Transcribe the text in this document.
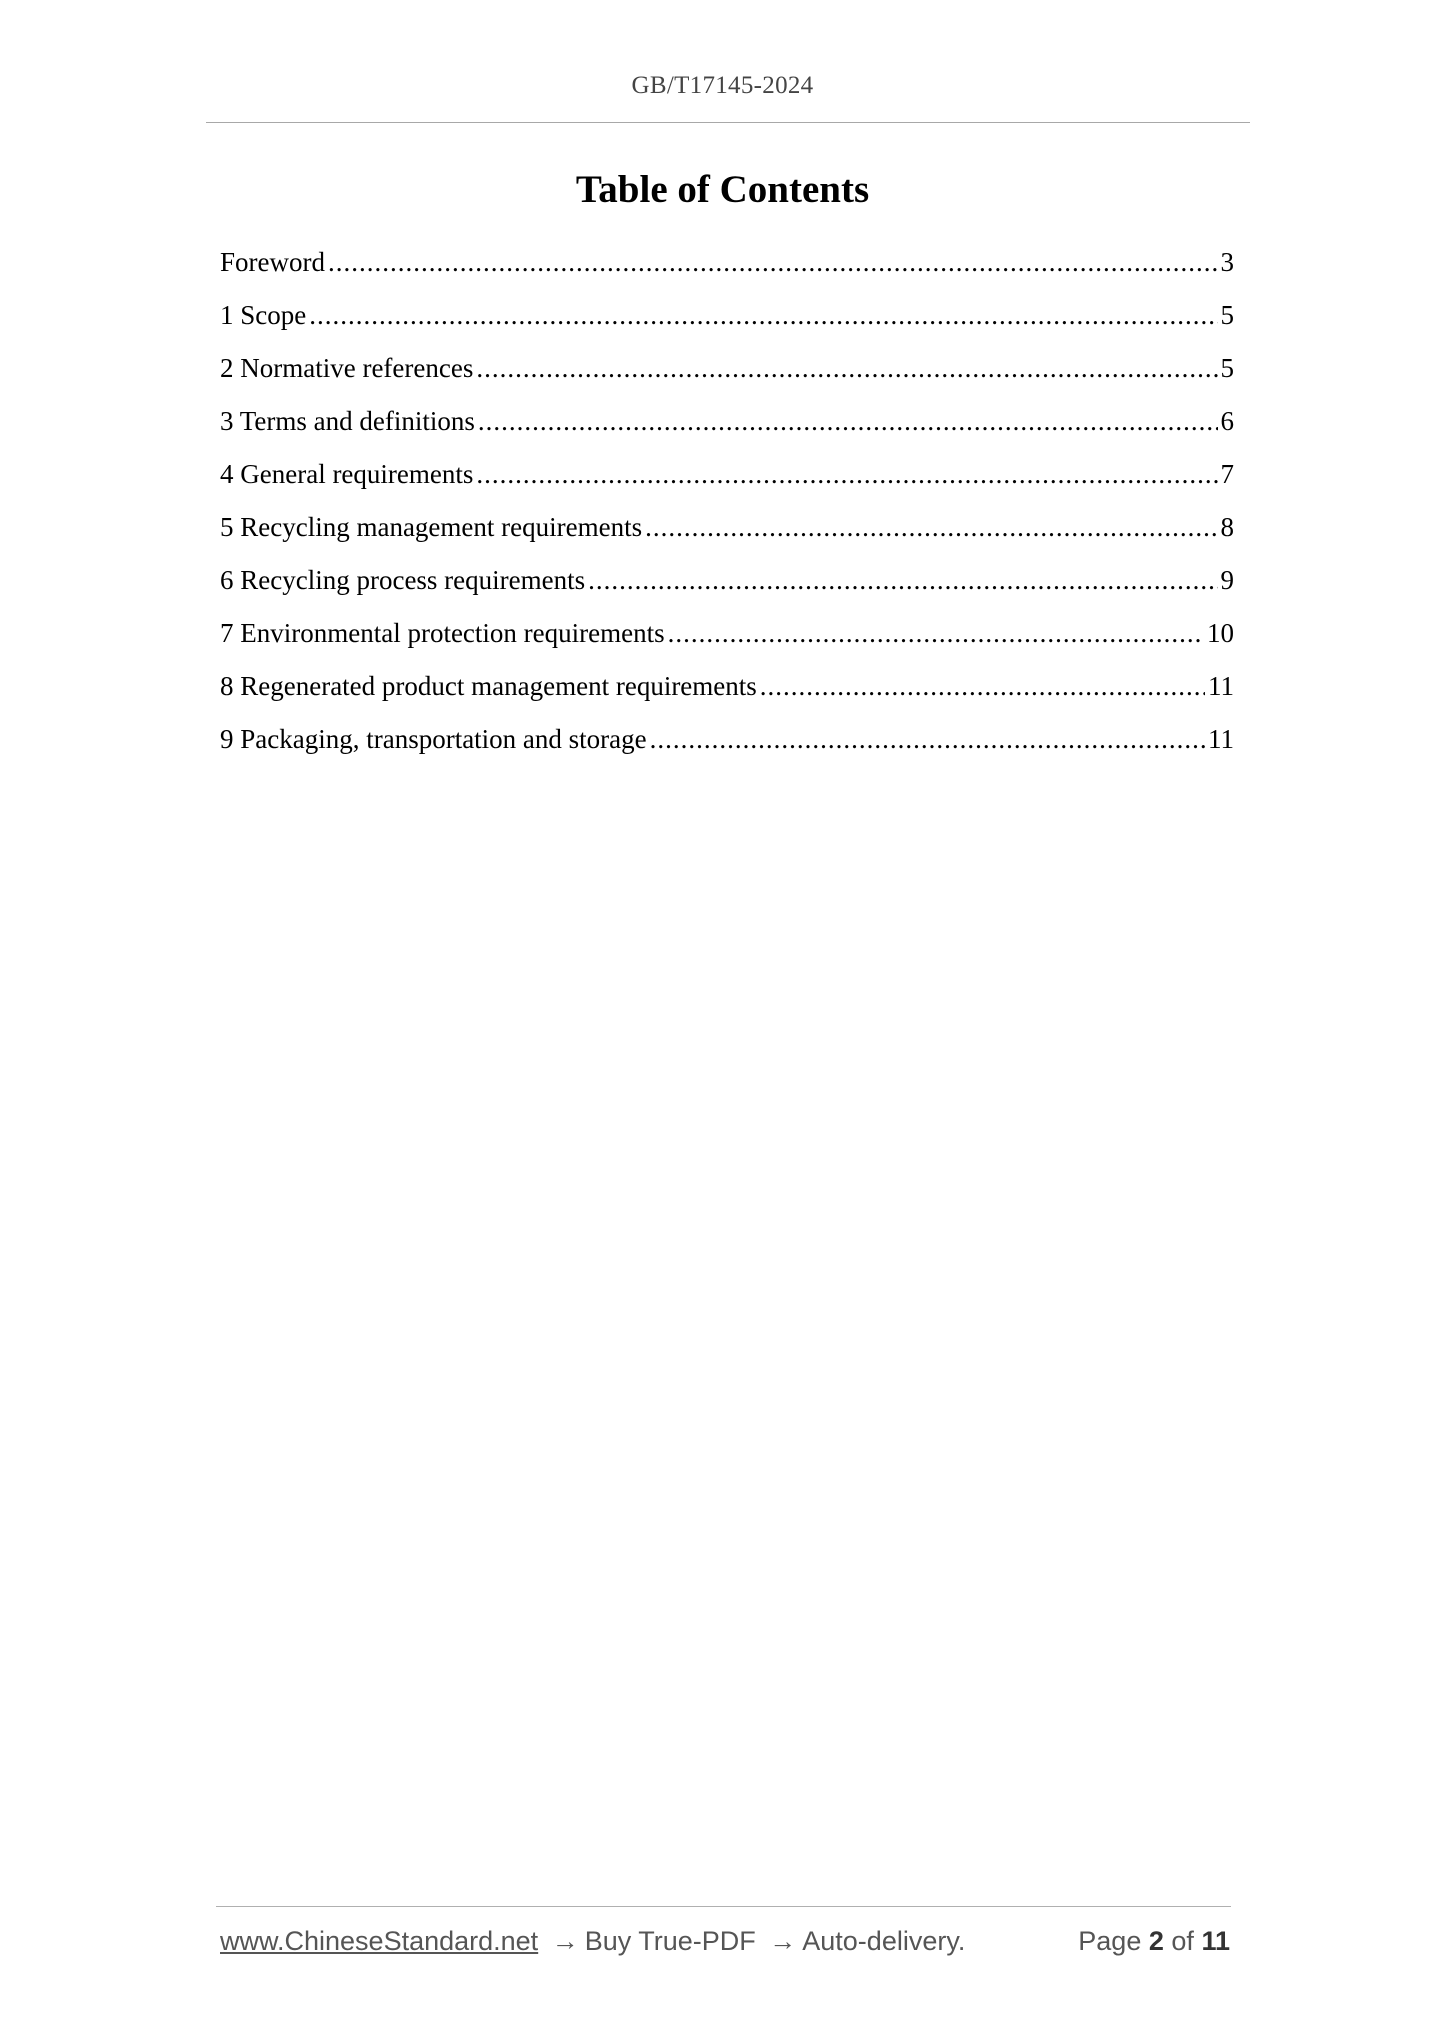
GB/T17145-2024
Table of Contents
Foreword .....	3
1 Scope .....	5
2 Normative references .....	5
3 Terms and definitions .....	6
4 General requirements .....	7
5 Recycling management requirements .....	8
6 Recycling process requirements .....	9
7 Environmental protection requirements .....	10
8 Regenerated product management requirements .....	11
9 Packaging, transportation and storage .....	11
www.ChineseStandard.net → Buy True-PDF → Auto-delivery.	Page 2 of 11
